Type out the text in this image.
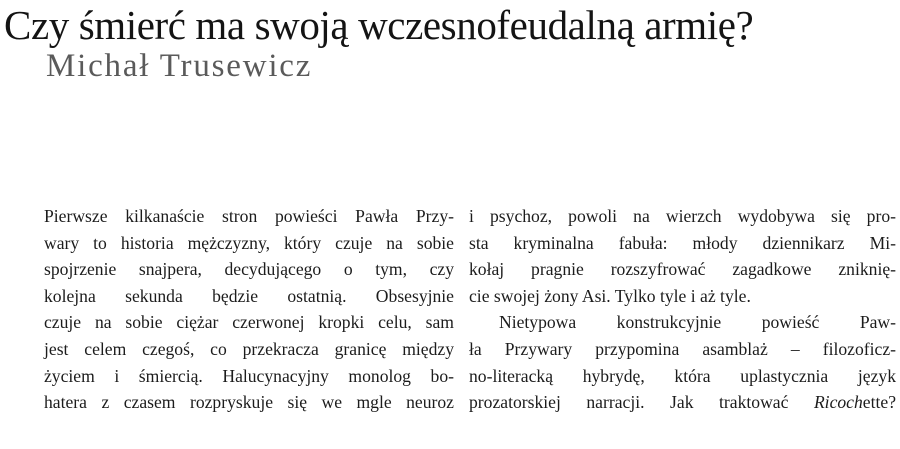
Czy śmierć ma swoją wczesnofeudalną armię?
Michał Trusewicz
Pierwsze kilkanaście stron powieści Pawła Przy-
wary to historia mężczyzny, który czuje na sobie
spojrzenie snajpera, decydującego o tym, czy
kolejna sekunda będzie ostatnią. Obsesyjnie
czuje na sobie ciężar czerwonej kropki celu, sam
jest celem czegoś, co przekracza granicę między
życiem i śmiercią. Halucynacyjny monolog bo-
hatera z czasem rozpryskuje się we mgle neuroz
i psychoz, powoli na wierzch wydobywa się pro-
sta kryminalna fabuła: młody dziennikarz Mi-
kołaj pragnie rozszyfrować zagadkowe zniknię-
cie swojej żony Asi. Tylko tyle i aż tyle.
Nietypowa konstrukcyjnie powieść Paw-
ła Przywary przypomina asamblaż – filozoficz-
no-literacką hybrydę, która uplastycznia język
prozatorskiej narracji. Jak traktować Ricochette?
